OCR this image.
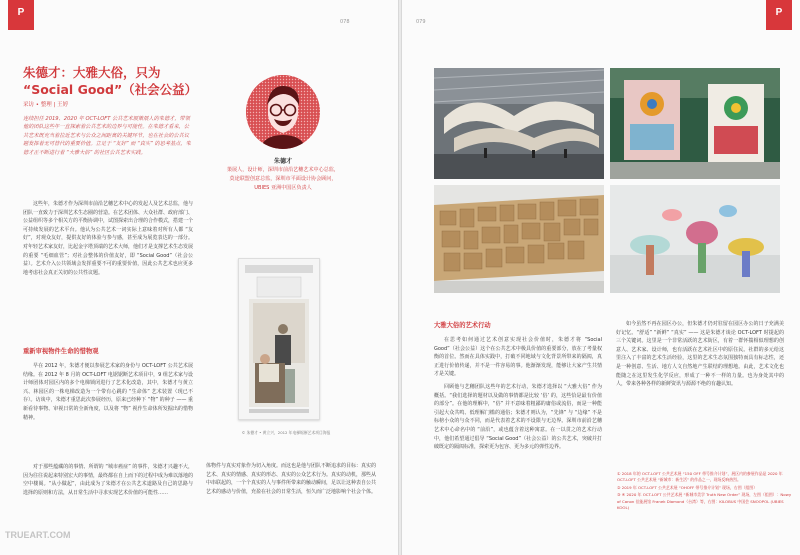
P
078
朱德才：大雅大俗，只为 “Social Good”（社会公益）
采访 • 整理 | 王婷
连续担任 2019、2020 年 OCT-LOFT 公共艺术展策展人的朱德才，带领他的团队这些年一直探索着公共艺术的边界与可能性。在朱德才看来，公共艺术既充当着拉近艺术与公众之间距离的关键环节，也在社会的公共议题发挥着无可替代的重要价值。立足于 “友好” 而 “真实” 的思考基点，朱德才正不断进行着 “大雅大俗” 的社区公共艺术实践。
朱德才
策展人，设计师，深圳市前沿艺穗艺术中心总监，
莫途联盟创意总监，深圳市平面设计协会顾问，
UBIES 亚洲中国区负责人

这些年，朱德才作为深圳市前沿艺穗艺术中心的发起人及艺术总监，他与团队一直致力于深圳艺术生态圈的营造。在艺术团体、大众社群、政府部门、公益组织等多个相关方的平衡协调中，试图探索出合理的合作模式，搭建一个可持续发展的艺术平台。他认为公共艺术一词实际上意味着对所有人都 “友好”，对观众友好，提供友好的体验与参与感，甚至成为展览表达的一部分。对年轻艺术家友好，比起金字塔顶端的艺术大师，他们才是支撑艺术生态发展的重要 “毛细血管”；对社会整体的价值友好，即 “Social Good”（社会公益）。艺术介入公共领域会发挥重要不可的重要价值，因此公共艺术也应更多地考虑社会真正关切的公共性议题。

重新审视物件生命的惜物观

早在 2012 年，朱德才便以参展艺术家的身份与 OCT-LOFT 公共艺术展结缘。在 2012 年 8 月的 OCT-LOFT 电锯锯断艺术项目中，9 组艺术家与设计师团体对园区内的多个电梯锁闭进行了艺术化改造，其中，朱德才与黄立兴、林园区的一株电梯改造为一个带有心跳的 “生命体” 艺术装置（现已不存）。访谈中，朱德才重思此次参展经历，原来已经种下 “物” 的种子 —— 重新看待事物、审视日常的全新角度，以及将 “物” 视作生命体所发掘出的惜物精神。

对于那些蕴藏的的事情、所谓的 “城市癌症” 的事件，朱德才兴趣不大，因为往往说起来特别宏大的事情，最终都在自上而下的过程中成为难以落地的空中楼阁。“从小做起”，由此成为了朱德才在公共艺术道路及自己的思路与选择的原则和方法，从日常生活中寻求实现艺术价值的可能性……

© 朱德才 • 黄立兴，2012 年电梯锯断艺术项目海报

体物件与真实对象作为切入角度。而这也是他与团队不断追求的目标：真实的艺术、真实的情感、真实的形态、真实的公众艺术行为。真实的动机，那些从中串联起的，一个个真实的人与事件所带来的触动瞬间，足以让这种表自公共艺术的感动与价值，充盈在社会的日常生活，恒久而广泛地影响个社会个体。

079
P
大雅大俗的艺术行动

在思考如何通过艺术创意实现社会价值时，朱德才将 “Social Good”（社会公益）这个在公共艺术中极具价值的重要部分，放在了考量权衡的首位。然而在具体实践中，打破不同地域与文化背景所带来的隔阂，真正进行价值传递，并不是一件容易的事。他渐渐发现，能够让大家产生共情才是关键。

回顾他与艺穗团队这些年的艺术行动，朱德才选择以 “大雅大俗” 作为概括。“我们选择的题材以及做的事情都是比较 ‘俗’ 的，这些恰是最有价值的部分”。在他的理解中，“俗” 并不意味着粗鄙的庸俗或流俗，而是一种能引起大众共鸣、低理解门槛的通俗；朱德才则认为，“先锋” 与 “边缘” 不是标榜小众的与众不同，而是代表着艺术的不设限与无边界。深圳市前沿艺穗艺术中心命名中的 “前沿”，或也蕴含着这种寓意。在一以贯之的艺术行动中，他们希望通过倡导 “Social Good”（社会公益）的公共艺术，突破并打破既定的隔阂标准，探索更为包容、更为多元的弹性边界。

如今虽然不再在园区办公，但朱德才仍对驻留在园区办公的日子充满美好记忆。“舒适” “新鲜” “真实” —— 这是朱德才谈论 OCT-LOFT 时提起的三个关键词。这里是一个非常活跃的艺术街区，有着一群怀揣相似理想的创意人、艺术家、设计师，也有活跃在艺术社区中的原住民。社群的多元给这里注入了丰富的艺术生活经验，这里的艺术生态氛围独特而具有标志性，还是一种创意、生活、地方人文自然地产生联结的理想地。由此，艺术文化也能随之在这里发生化学反应，形成了一种不一样的力量。也为身处其中的人，带来各种各样的新鲜资讯与源源不绝的有趣认知。

① 2018 年的 OCT-LOFT 公共艺术展 “150 OFF 带号推介计划”，展区内的参展作品是 2020 年 OCT-LOFT 公共艺术展 “新城市：新生活” 的作品之一，现场反响热烈。
② 2019 年 OCT-LOFT 公共艺术展 “OHOFF 带号推介计划” 现场，右图（组图）
③ ④ 2020 年 OCT-LOFT 公共艺术展 “新城市美学 Truth New Order” 现场，左图（组图）：Nowy of Canon 佳能展馆 Franek Diamond（台湾）等，右图：KILOBUS 中国会 SNOOPOL (UBIES KOOL)
TRUEART.COM
